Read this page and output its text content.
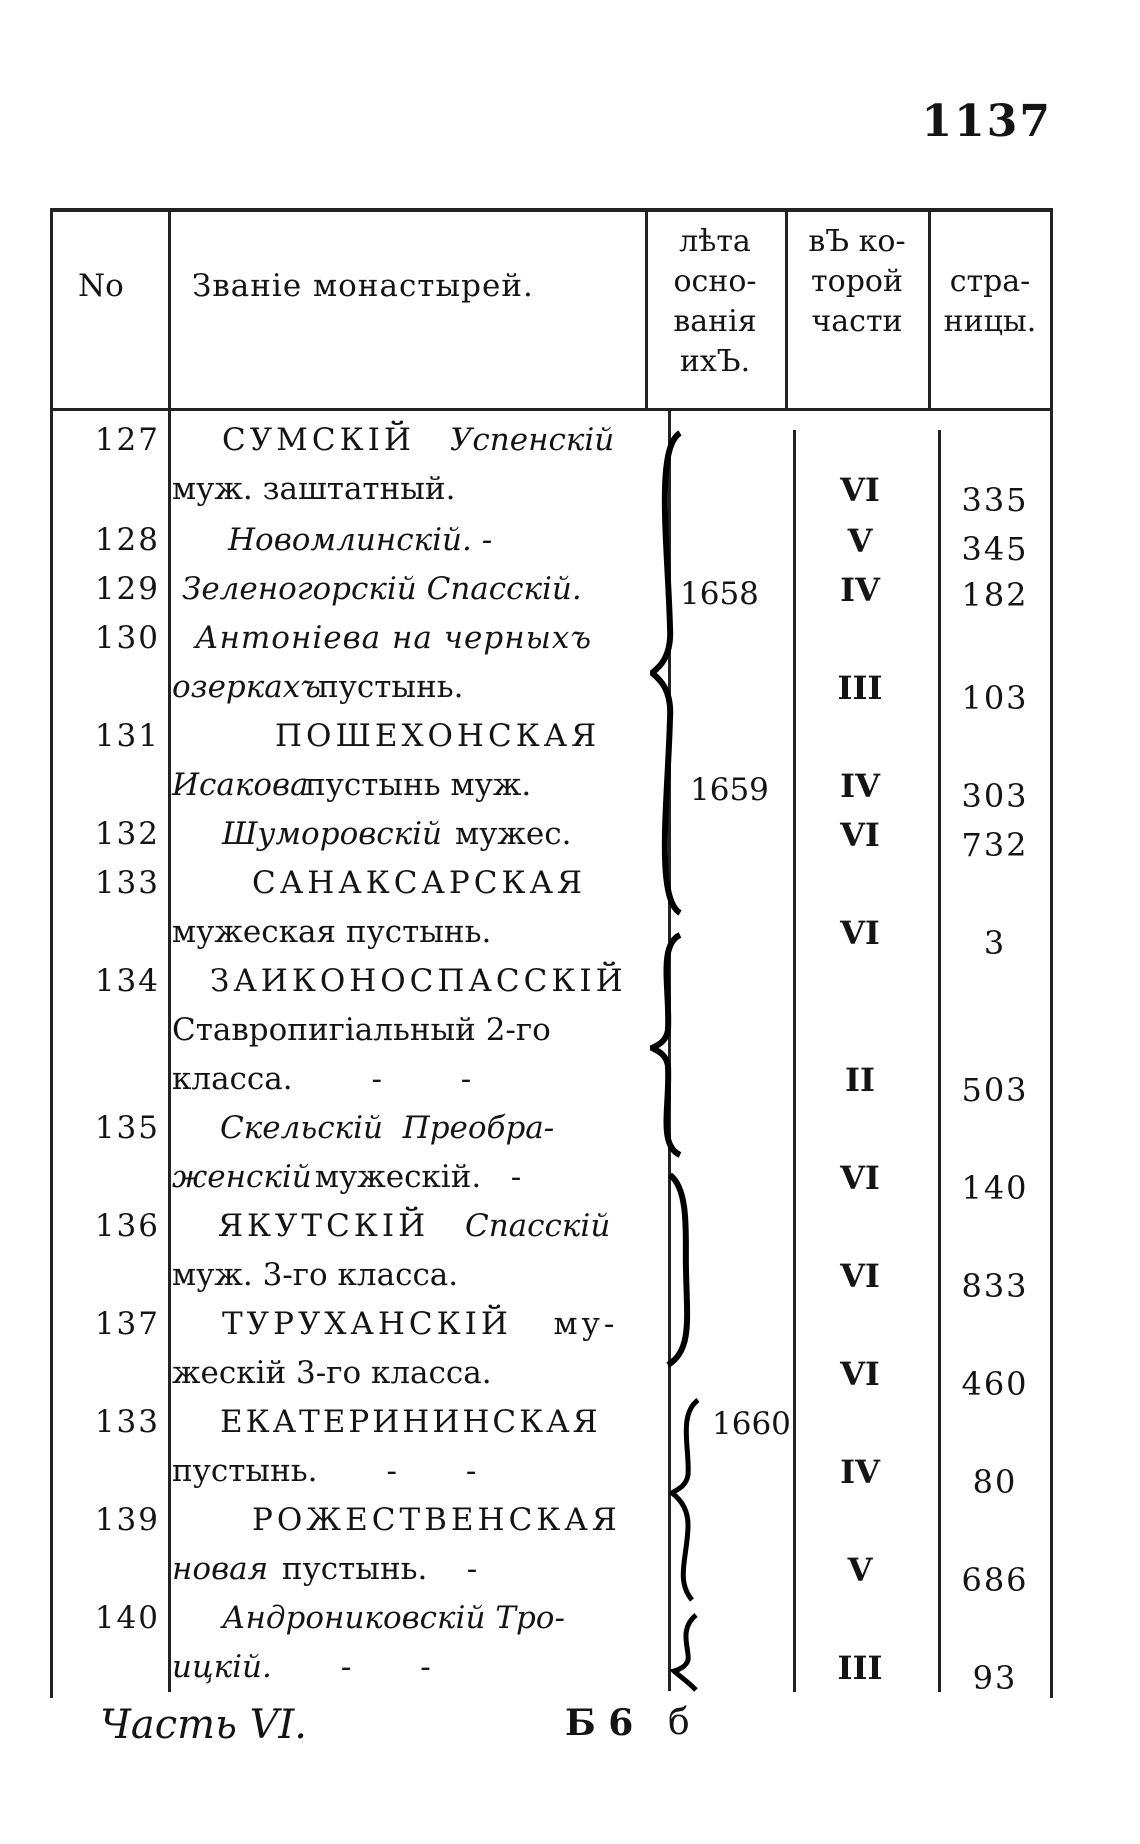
1137
No Званіе монастырей.
лѣта
осно-
ванія
ихЪ.
вЪ ко-
торой
части
стра-
ницы.
127
128
129
130
131
132
133
134
135
136
137
133
139
140
СУМСКІЙ Успенскій
муж. заштатный.
Новомлинскій. -
Зеленогорскій Спасскій.
Антоніева на черныхъ
озеркахъ
пустынь.
ПОШЕХОНСКАЯ
Исакова
пустынь муж.
Шуморовскій мужес.
САНАКСАРСКАЯ
мужеская пустынь.
ЗАИКОНОСПАССКІЙ
Ставропигіальный 2-го
класса.        -        -
Скельскій  Преобра-
женскій
мужескій.   -
ЯКУТСКІЙ Спасскій
муж. 3-го класса.
ТУРУХАНСКІЙ   му-
жескій 3-го класса.
ЕКАТЕРИНИНСКАЯ
пустынь.       -       -
РОЖЕСТВЕНСКАЯ
новая пустынь.    -
Андрониковскій Тро-
ицкій.       -       -
1658
1659
1660
VI
V
IV
III
IV
VI
VI
II
VI
VI
VI
IV
V
III
335
345
182
103
303
732
3
503
140
833
460
80
686
93
Часть VI.	Б 6 б
